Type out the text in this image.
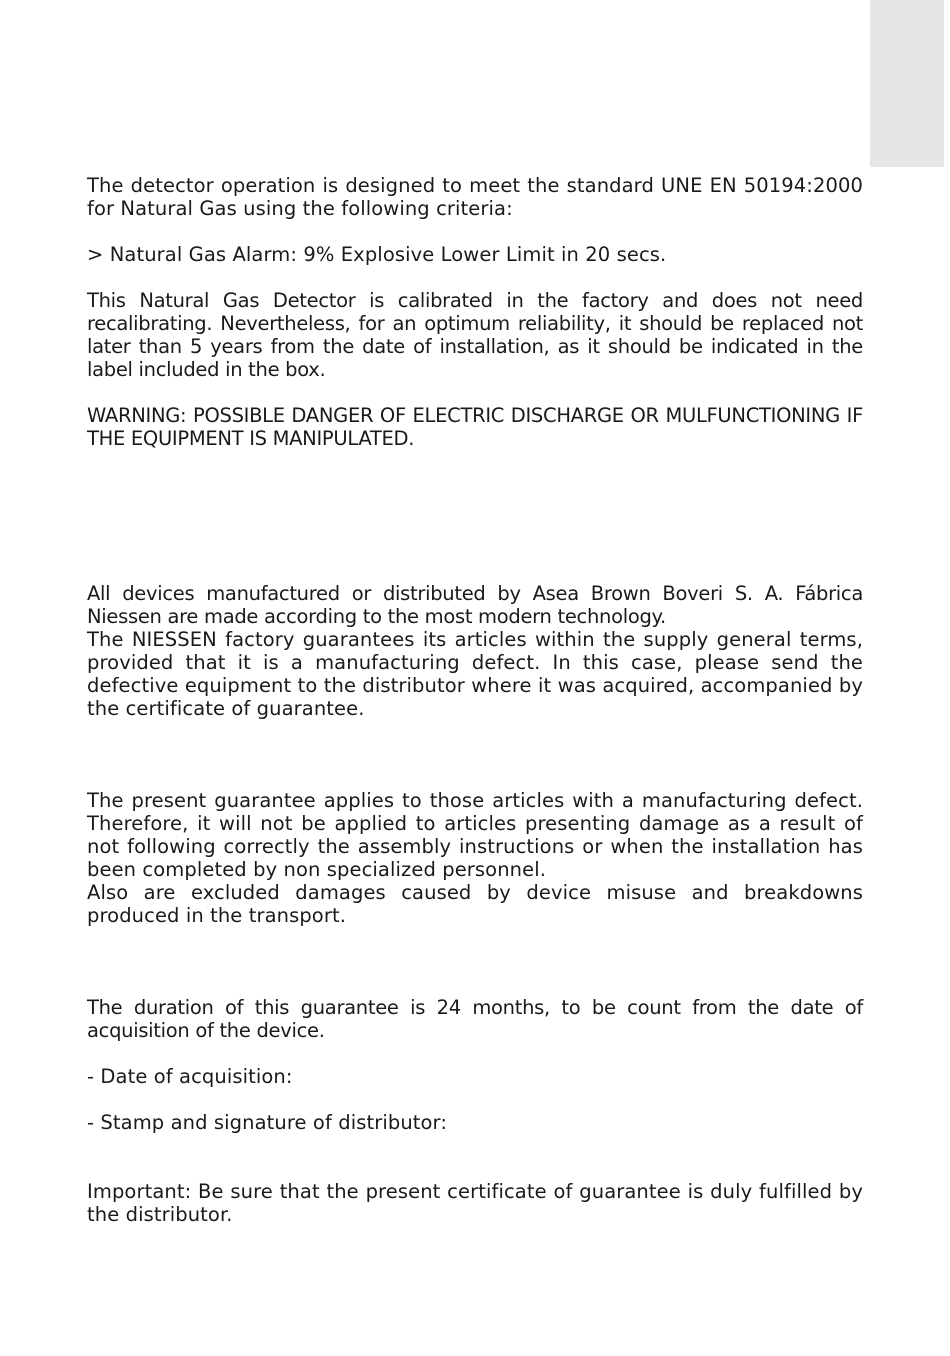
The detector operation is designed to meet the standard UNE EN 50194:2000 for Natural Gas using the following criteria:

> Natural Gas Alarm: 9% Explosive Lower Limit in 20 secs.

This Natural Gas Detector is calibrated in the factory and does not need recalibrating. Nevertheless, for an optimum reliability, it should be replaced not later than 5 years from the date of installation, as it should be indicated in the label included in the box.

WARNING: POSSIBLE DANGER OF ELECTRIC DISCHARGE OR MULFUNCTIONING IF THE EQUIPMENT IS MANIPULATED.

All devices manufactured or distributed by Asea Brown Boveri S. A. Fábrica Niessen are made according to the most modern technology.

The NIESSEN factory guarantees its articles within the supply general terms, provided that it is a manufacturing defect. In this case, please send the defective equipment to the distributor where it was acquired, accompanied by the certificate of guarantee.

The present guarantee applies to those articles with a manufacturing defect. Therefore, it will not be applied to articles presenting damage as a result of not following correctly the assembly instructions or when the installation has been completed by non specialized personnel.

Also are excluded damages caused by device misuse and breakdowns produced in the transport.

The duration of this guarantee is 24 months, to be count from the date of acquisition of the device.

- Date of acquisition:

- Stamp and signature of distributor:

Important: Be sure that the present certificate of guarantee is duly fulfilled by the distributor.
